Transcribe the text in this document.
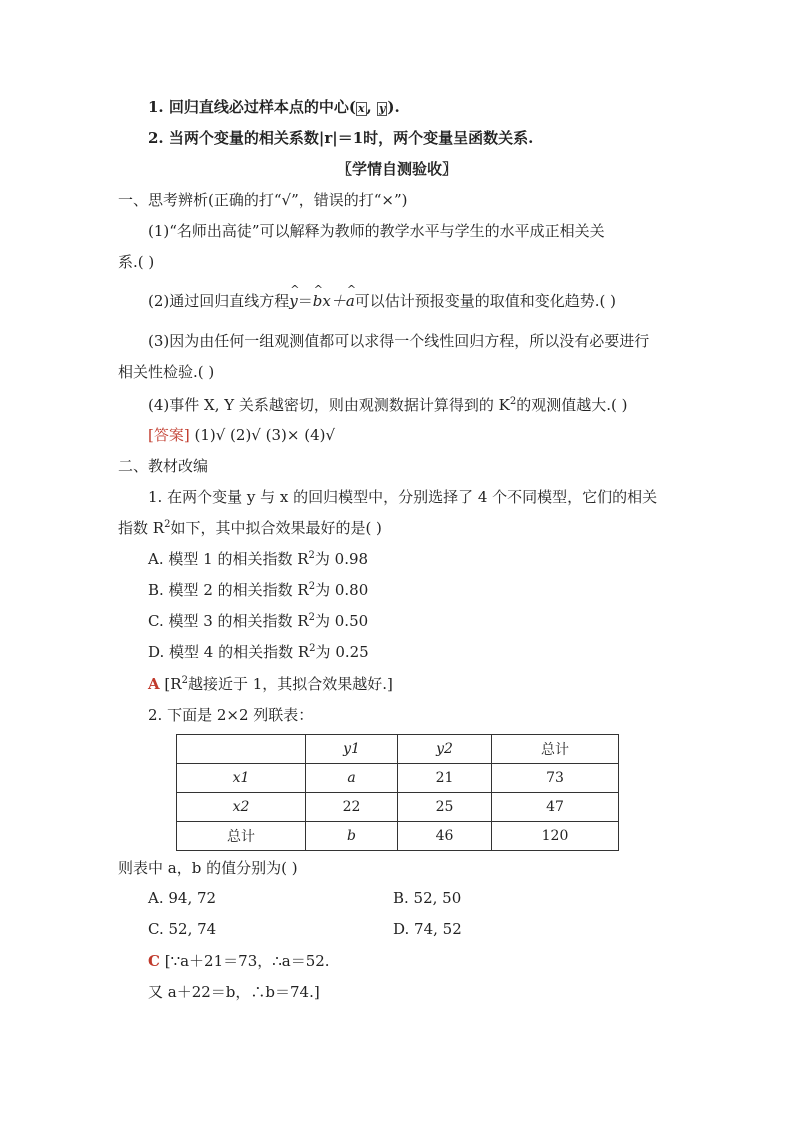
1. 回归直线必过样本点的中心( x , y ).
2. 当两个变量的相关系数|r|＝1时，两个变量呈函数关系.
〖学情自测验收〗
一、思考辨析(正确的打“√”，错误的打“×”)
(1)“名师出高徒”可以解释为教师的教学水平与学生的水平成正相关关
系.( )
(2)通过回归直线方程^ y＝^ bx＋^ a可以估计预报变量的取值和变化趋势.( )
(3)因为由任何一组观测值都可以求得一个线性回归方程，所以没有必要进行
相关性检验.( )
(4)事件 X, Y 关系越密切，则由观测数据计算得到的 $K^2$的观测值越大.( )
[答案] (1)√ (2)√ (3)× (4)√
二、教材改编
1. 在两个变量 y 与 x 的回归模型中，分别选择了 4 个不同模型，它们的相关
指数 $R^2$如下，其中拟合效果最好的是( )
A. 模型 1 的相关指数 $R^2$为 0.98
B. 模型 2 的相关指数 $R^2$为 0.80
C. 模型 3 的相关指数 $R^2$为 0.50
D. 模型 4 的相关指数 $R^2$为 0.25
A [$R^2$越接近于 1，其拟合效果越好.]
2. 下面是 2×2 列联表：
	y1	y2	总计
x1	a	21	73
x2	22	25	47
总计	b	46	120
则表中 a，b 的值分别为( )
A. 94, 72	B. 52, 50
C. 52, 74	D. 74, 52
C [∵a＋21＝73，∴a＝52.
又 a＋22＝b，∴b＝74.]
